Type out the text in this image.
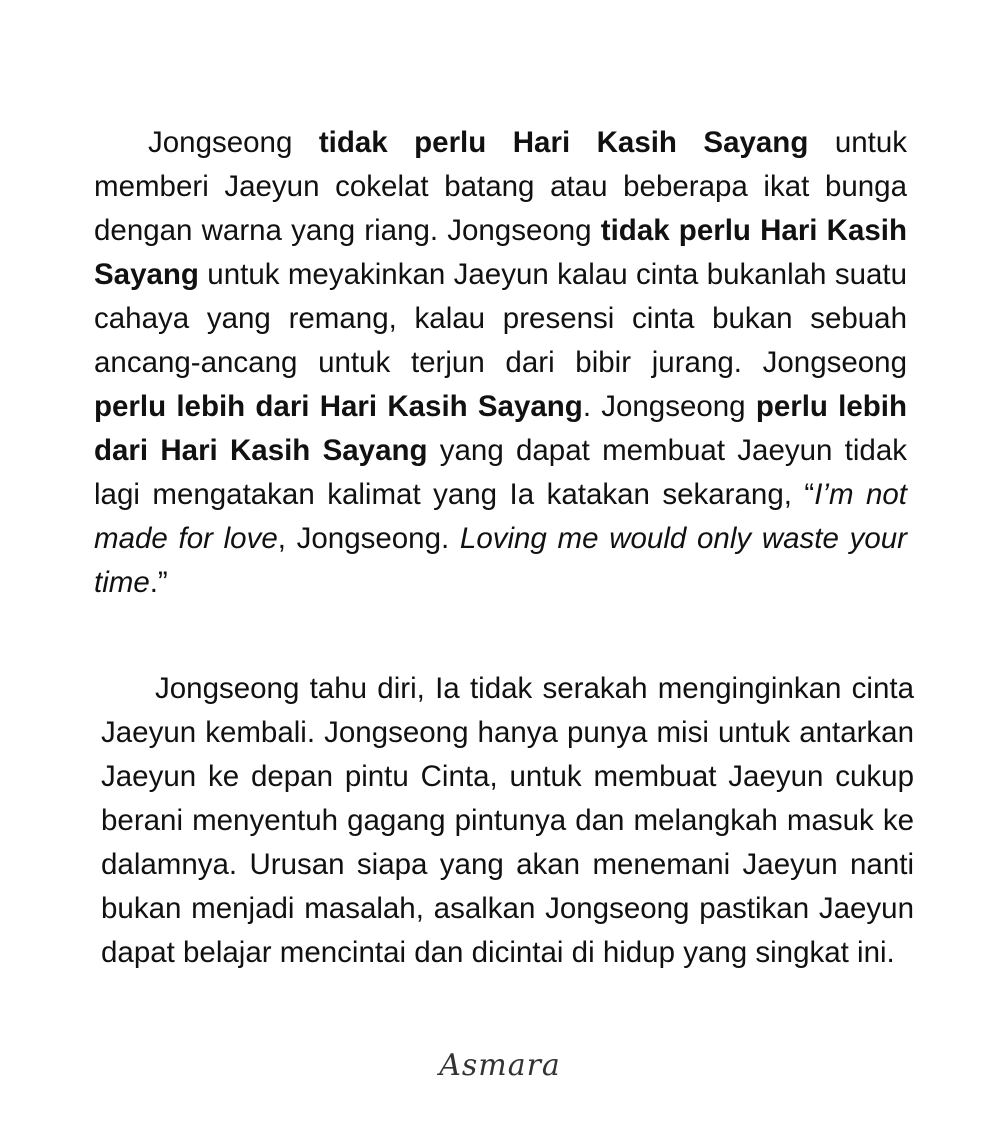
Jongseong tidak perlu Hari Kasih Sayang untuk memberi Jaeyun cokelat batang atau beberapa ikat bunga dengan warna yang riang. Jongseong tidak perlu Hari Kasih Sayang untuk meyakinkan Jaeyun kalau cinta bukanlah suatu cahaya yang remang, kalau presensi cinta bukan sebuah ancang-ancang untuk terjun dari bibir jurang. Jongseong perlu lebih dari Hari Kasih Sayang. Jongseong perlu lebih dari Hari Kasih Sayang yang dapat membuat Jaeyun tidak lagi mengatakan kalimat yang Ia katakan sekarang, “I’m not made for love, Jongseong. Loving me would only waste your time.”

Jongseong tahu diri, Ia tidak serakah menginginkan cinta Jaeyun kembali. Jongseong hanya punya misi untuk antarkan Jaeyun ke depan pintu Cinta, untuk membuat Jaeyun cukup berani menyentuh gagang pintunya dan melangkah masuk ke dalamnya. Urusan siapa yang akan menemani Jaeyun nanti bukan menjadi masalah, asalkan Jongseong pastikan Jaeyun dapat belajar mencintai dan dicintai di hidup yang singkat ini.

Asmara
